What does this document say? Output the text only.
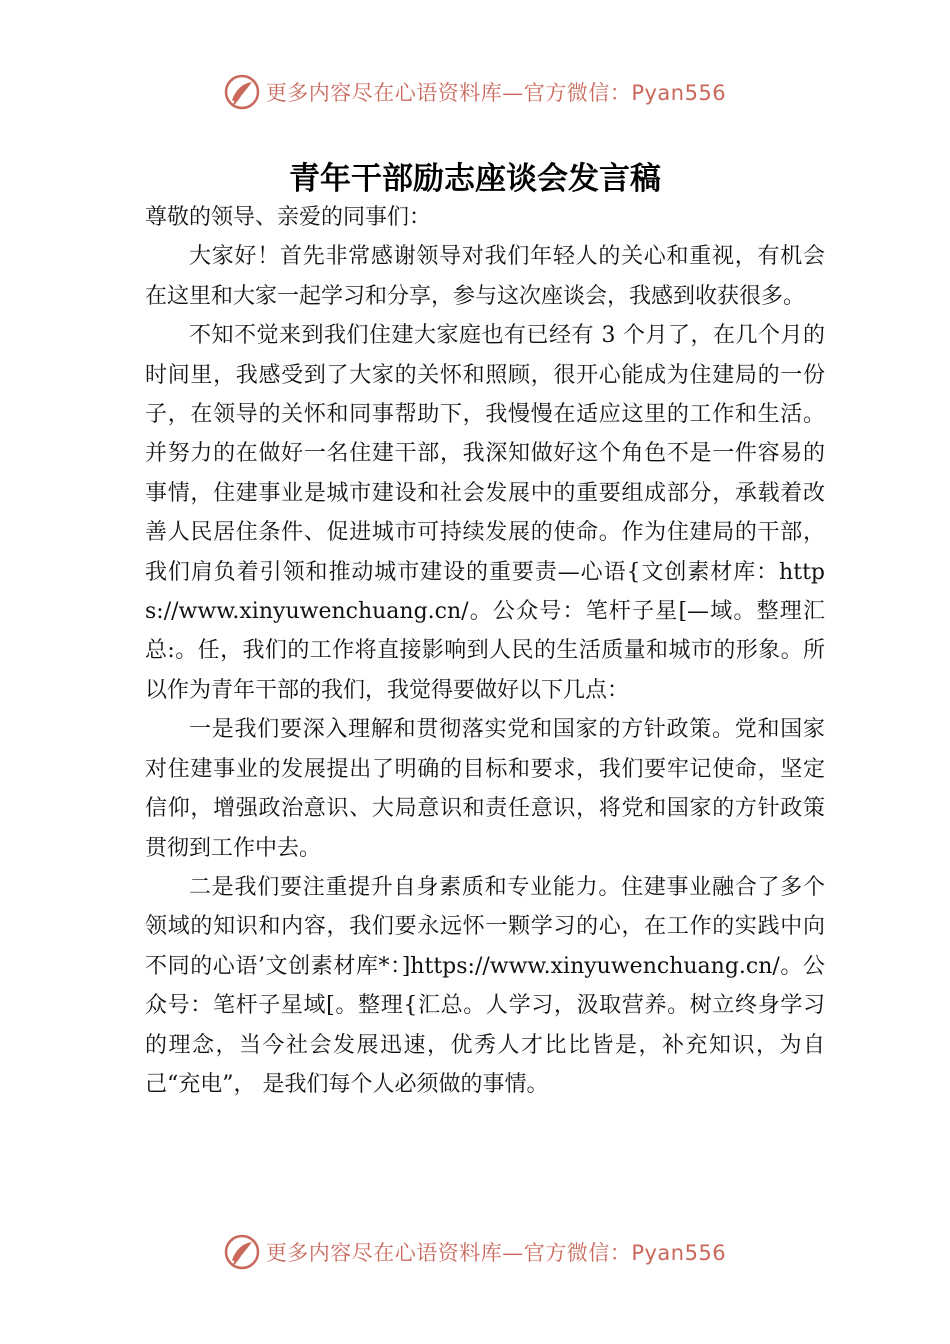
更多内容尽在心语资料库—官方微信：Pyan556
青年干部励志座谈会发言稿

尊敬的领导、亲爱的同事们：

大家好！首先非常感谢领导对我们年轻人的关心和重视，有机会在这里和大家一起学习和分享，参与这次座谈会，我感到收获很多。

不知不觉来到我们住建大家庭也有已经有 3 个月了，在几个月的时间里，我感受到了大家的关怀和照顾，很开心能成为住建局的一份子，在领导的关怀和同事帮助下，我慢慢在适应这里的工作和生活。并努力的在做好一名住建干部，我深知做好这个角色不是一件容易的事情，住建事业是城市建设和社会发展中的重要组成部分，承载着改善人民居住条件、促进城市可持续发展的使命。作为住建局的干部，我们肩负着引领和推动城市建设的重要责—心语{文创素材库：https://www.xinyuwenchuang.cn/。公众号：笔杆子星[—域。整理汇总:。任，我们的工作将直接影响到人民的生活质量和城市的形象。所以作为青年干部的我们，我觉得要做好以下几点：

一是我们要深入理解和贯彻落实党和国家的方针政策。党和国家对住建事业的发展提出了明确的目标和要求，我们要牢记使命，坚定信仰，增强政治意识、大局意识和责任意识，将党和国家的方针政策贯彻到工作中去。

二是我们要注重提升自身素质和专业能力。住建事业融合了多个领域的知识和内容，我们要永远怀一颗学习的心，在工作的实践中向不同的心语’文创素材库*：]https://www.xinyuwenchuang.cn/。公众号：笔杆子星域[。整理{汇总。人学习，汲取营养。树立终身学习的理念，当今社会发展迅速，优秀人才比比皆是，补充知识，为自己“充电”， 是我们每个人必须做的事情。

更多内容尽在心语资料库—官方微信：Pyan556
